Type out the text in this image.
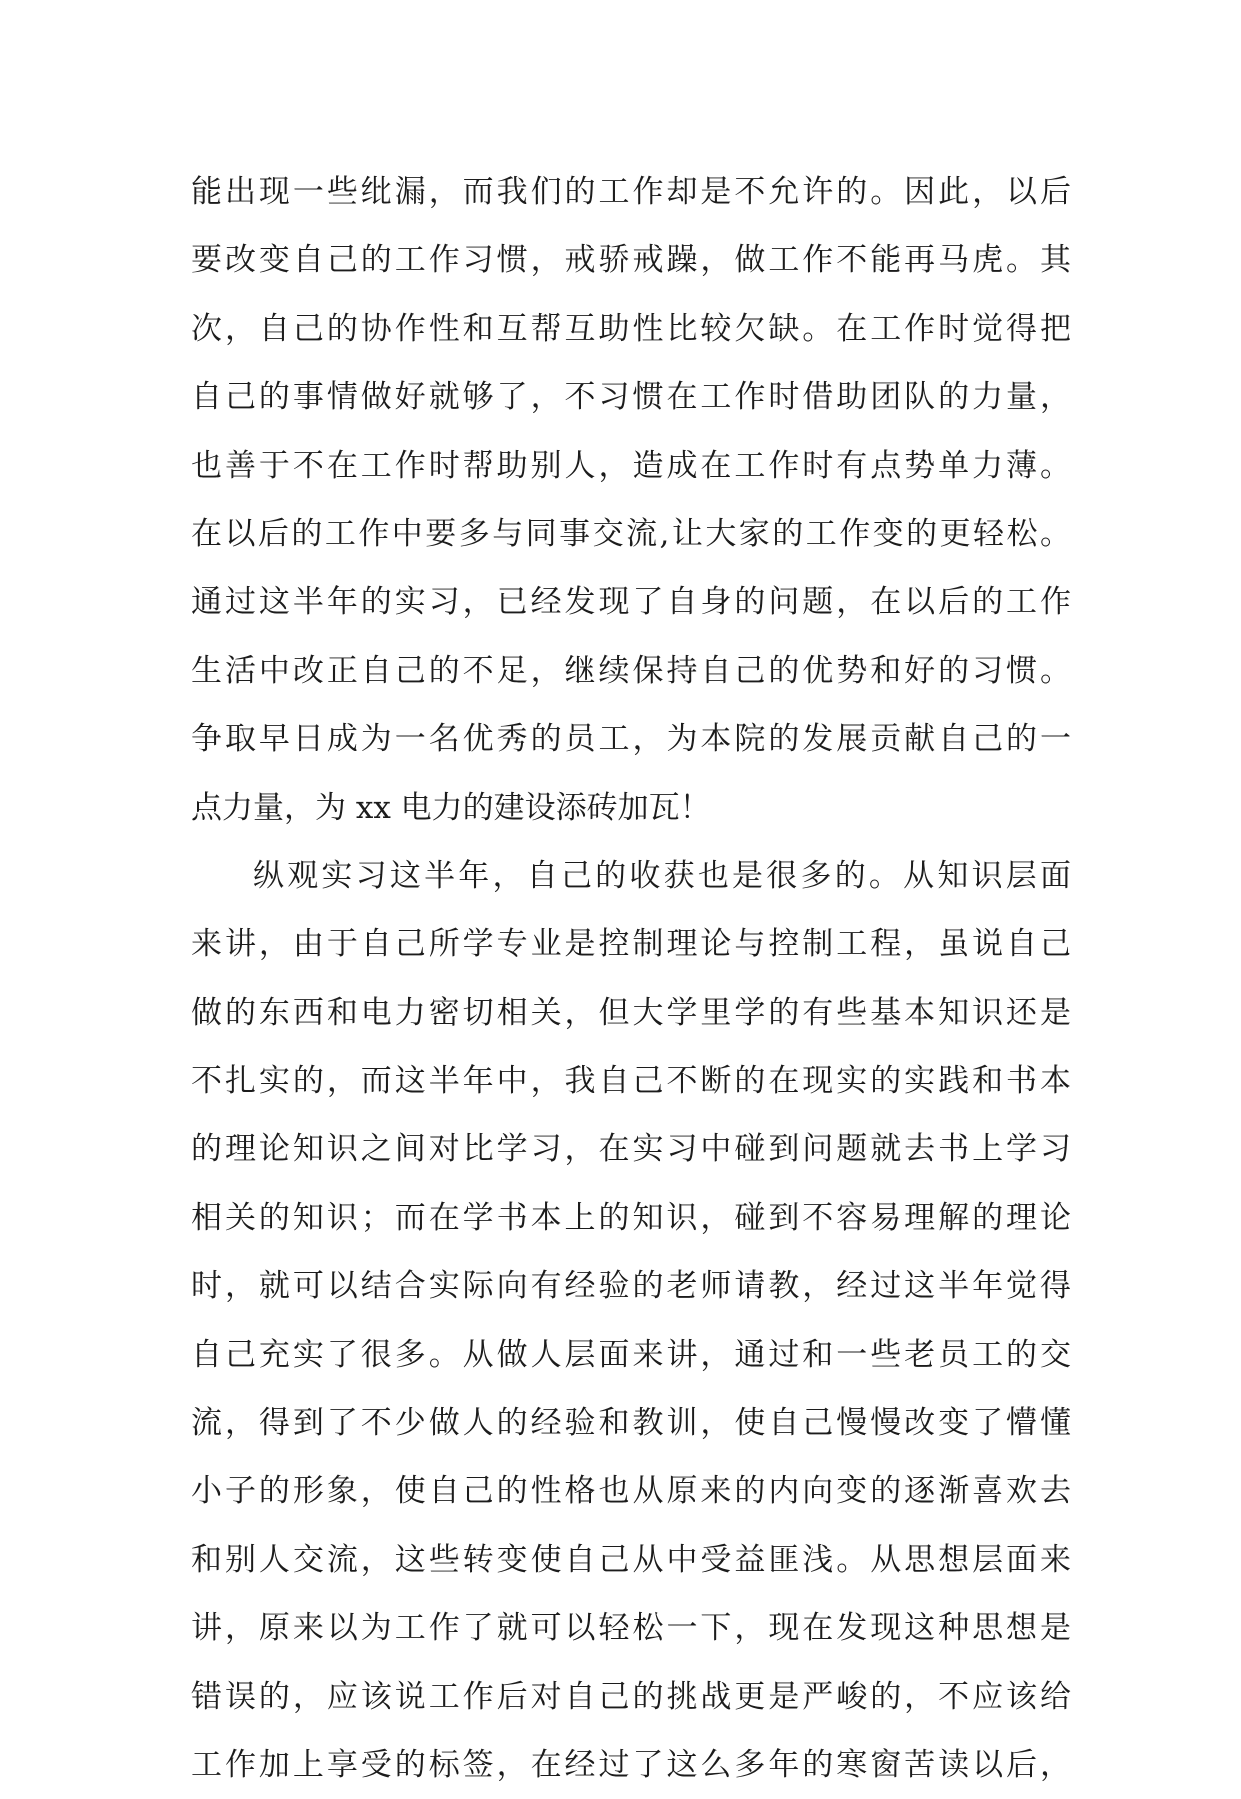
能出现一些纰漏，而我们的工作却是不允许的。因此，以后
要改变自己的工作习惯，戒骄戒躁，做工作不能再马虎。其
次，自己的协作性和互帮互助性比较欠缺。在工作时觉得把
自己的事情做好就够了，不习惯在工作时借助团队的力量，
也善于不在工作时帮助别人，造成在工作时有点势单力薄。
在以后的工作中要多与同事交流,让大家的工作变的更轻松。
通过这半年的实习，已经发现了自身的问题，在以后的工作
生活中改正自己的不足，继续保持自己的优势和好的习惯。
争取早日成为一名优秀的员工，为本院的发展贡献自己的一
点力量，为 xx 电力的建设添砖加瓦！
纵观实习这半年，自己的收获也是很多的。从知识层面
来讲，由于自己所学专业是控制理论与控制工程，虽说自己
做的东西和电力密切相关，但大学里学的有些基本知识还是
不扎实的，而这半年中，我自己不断的在现实的实践和书本
的理论知识之间对比学习，在实习中碰到问题就去书上学习
相关的知识；而在学书本上的知识，碰到不容易理解的理论
时，就可以结合实际向有经验的老师请教，经过这半年觉得
自己充实了很多。从做人层面来讲，通过和一些老员工的交
流，得到了不少做人的经验和教训，使自己慢慢改变了懵懂
小子的形象，使自己的性格也从原来的内向变的逐渐喜欢去
和别人交流，这些转变使自己从中受益匪浅。从思想层面来
讲，原来以为工作了就可以轻松一下，现在发现这种思想是
错误的，应该说工作后对自己的挑战更是严峻的，不应该给
工作加上享受的标签，在经过了这么多年的寒窗苦读以后，
